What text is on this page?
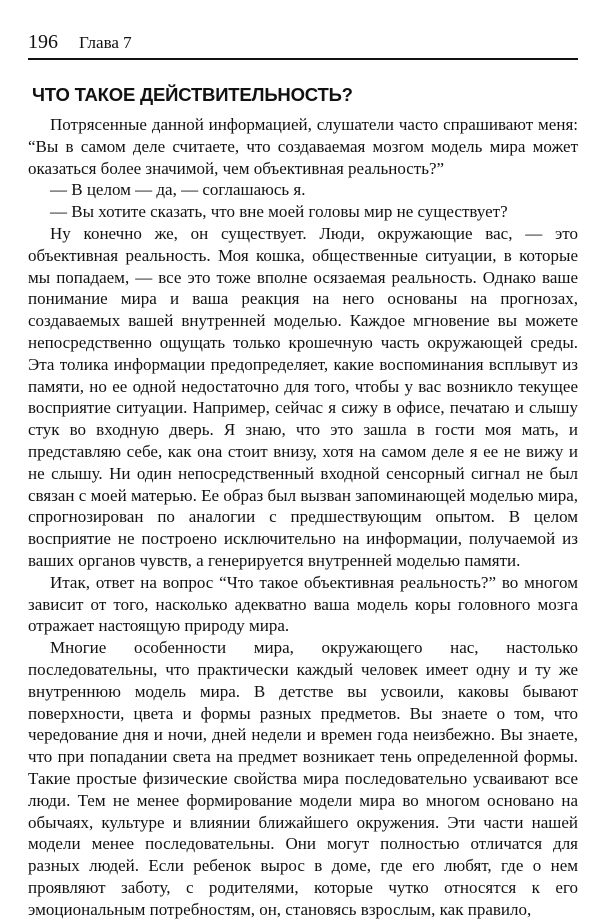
196 Глава 7
ЧТО ТАКОЕ ДЕЙСТВИТЕЛЬНОСТЬ?

Потрясенные данной информацией, слушатели часто спрашивают меня: “Вы в самом деле считаете, что создаваемая мозгом модель мира может оказаться более значимой, чем объективная реальность?”

— В целом — да, — соглашаюсь я.

— Вы хотите сказать, что вне моей головы мир не существует?

Ну конечно же, он существует. Люди, окружающие вас, — это объективная реальность. Моя кошка, общественные ситуации, в которые мы попадаем, — все это тоже вполне осязаемая реальность. Однако ваше понимание мира и ваша реакция на него основаны на прогнозах, создаваемых вашей внутренней моделью. Каждое мгновение вы можете непосредственно ощущать только крошечную часть окружающей среды. Эта толика информации предопределяет, какие воспоминания всплывут из памяти, но ее одной недостаточно для того, чтобы у вас возникло текущее восприятие ситуации. Например, сейчас я сижу в офисе, печатаю и слышу стук во входную дверь. Я знаю, что это зашла в гости моя мать, и представляю себе, как она стоит внизу, хотя на самом деле я ее не вижу и не слышу. Ни один непосредственный входной сенсорный сигнал не был связан с моей матерью. Ее образ был вызван запоминающей моделью мира, спрогнозирован по аналогии с предшествующим опытом. В целом восприятие не построено исключительно на информации, получаемой из ваших органов чувств, а генерируется внутренней моделью памяти.

Итак, ответ на вопрос “Что такое объективная реальность?” во многом зависит от того, насколько адекватно ваша модель коры головного мозга отражает настоящую природу мира.

Многие особенности мира, окружающего нас, настолько последовательны, что практически каждый человек имеет одну и ту же внутреннюю модель мира. В детстве вы усвоили, каковы бывают поверхности, цвета и формы разных предметов. Вы знаете о том, что чередование дня и ночи, дней недели и времен года неизбежно. Вы знаете, что при попадании света на предмет возникает тень определенной формы. Такие простые физические свойства мира последовательно усваивают все люди. Тем не менее формирование модели мира во многом основано на обычаях, культуре и влиянии ближайшего окружения. Эти части нашей модели менее последовательны. Они могут полностью отличатся для разных людей. Если ребенок вырос в доме, где его любят, где о нем проявляют заботу, с родителями, которые чутко относятся к его эмоциональным потребностям, он, становясь взрослым, как правило,
